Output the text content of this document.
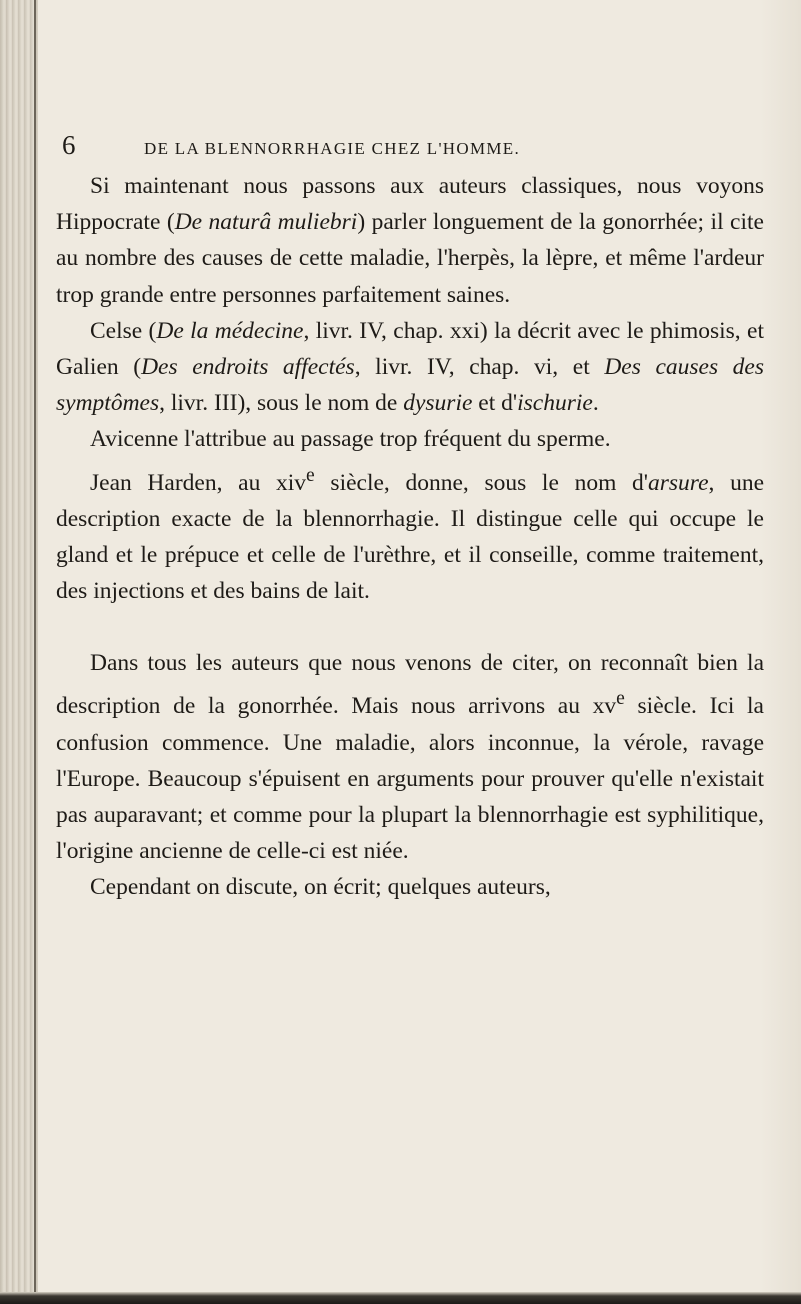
6	DE LA BLENNORRHAGIE CHEZ L'HOMME.

Si maintenant nous passons aux auteurs classiques, nous voyons Hippocrate (De naturâ muliebri) parler longuement de la gonorrhée; il cite au nombre des causes de cette maladie, l'herpès, la lèpre, et même l'ardeur trop grande entre personnes parfaitement saines.

Celse (De la médecine, livr. IV, chap. xxi) la décrit avec le phimosis, et Galien (Des endroits affectés, livr. IV, chap. vi, et Des causes des symptômes, livr. III), sous le nom de dysurie et d'ischurie.

Avicenne l'attribue au passage trop fréquent du sperme.

Jean Harden, au xiv$^e$ siècle, donne, sous le nom d'arsure, une description exacte de la blennorrhagie. Il distingue celle qui occupe le gland et le prépuce et celle de l'urèthre, et il conseille, comme traitement, des injections et des bains de lait.

Dans tous les auteurs que nous venons de citer, on reconnaît bien la description de la gonorrhée. Mais nous arrivons au $xv^e$ siècle. Ici la confusion commence. Une maladie, alors inconnue, la vérole, ravage l'Europe. Beaucoup s'épuisent en arguments pour prouver qu'elle n'existait pas auparavant; et comme pour la plupart la blennorrhagie est syphilitique, l'origine ancienne de celle-ci est niée.

Cependant on discute, on écrit; quelques auteurs,
